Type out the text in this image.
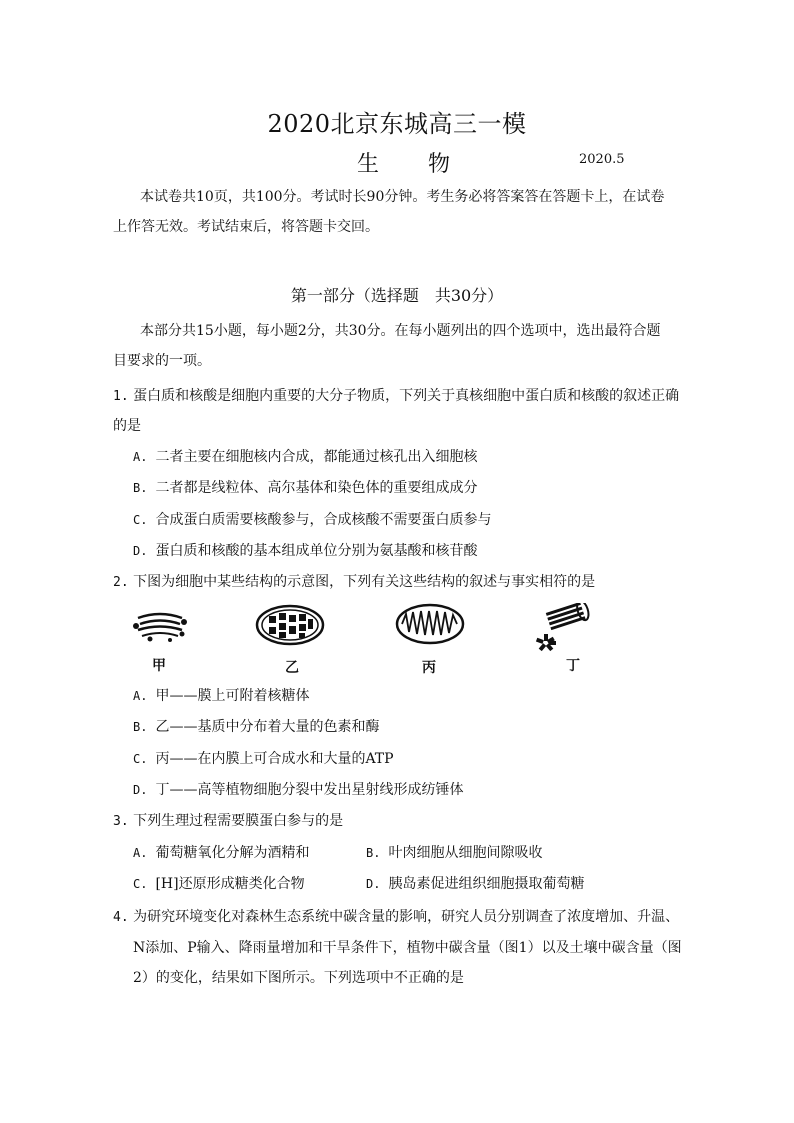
2020北京东城高三一模
生 物	2020.5
本试卷共10页，共100分。考试时长90分钟。考生务必将答案答在答题卡上，在试卷
上作答无效。考试结束后，将答题卡交回。
第一部分（选择题　共30分）
本部分共15小题，每小题2分，共30分。在每小题列出的四个选项中，选出最符合题
目要求的一项。
1. 蛋白质和核酸是细胞内重要的大分子物质，下列关于真核细胞中蛋白质和核酸的叙述正确
的是
A. 二者主要在细胞核内合成，都能通过核孔出入细胞核
B. 二者都是线粒体、高尔基体和染色体的重要组成成分
C. 合成蛋白质需要核酸参与，合成核酸不需要蛋白质参与
D. 蛋白质和核酸的基本组成单位分别为氨基酸和核苷酸
2. 下图为细胞中某些结构的示意图，下列有关这些结构的叙述与事实相符的是
甲	乙	丙	丁
A. 甲——膜上可附着核糖体
B. 乙——基质中分布着大量的色素和酶
C. 丙——在内膜上可合成水和大量的ATP
D. 丁——高等植物细胞分裂中发出星射线形成纺锤体
3. 下列生理过程需要膜蛋白参与的是
A. 葡萄糖氧化分解为酒精和	B. 叶肉细胞从细胞间隙吸收
C. [H]还原形成糖类化合物	D. 胰岛素促进组织细胞摄取葡萄糖
4. 为研究环境变化对森林生态系统中碳含量的影响，研究人员分别调查了浓度增加、升温、
N添加、P输入、降雨量增加和干旱条件下，植物中碳含量（图1）以及土壤中碳含量（图
2）的变化，结果如下图所示。下列选项中不正确的是
